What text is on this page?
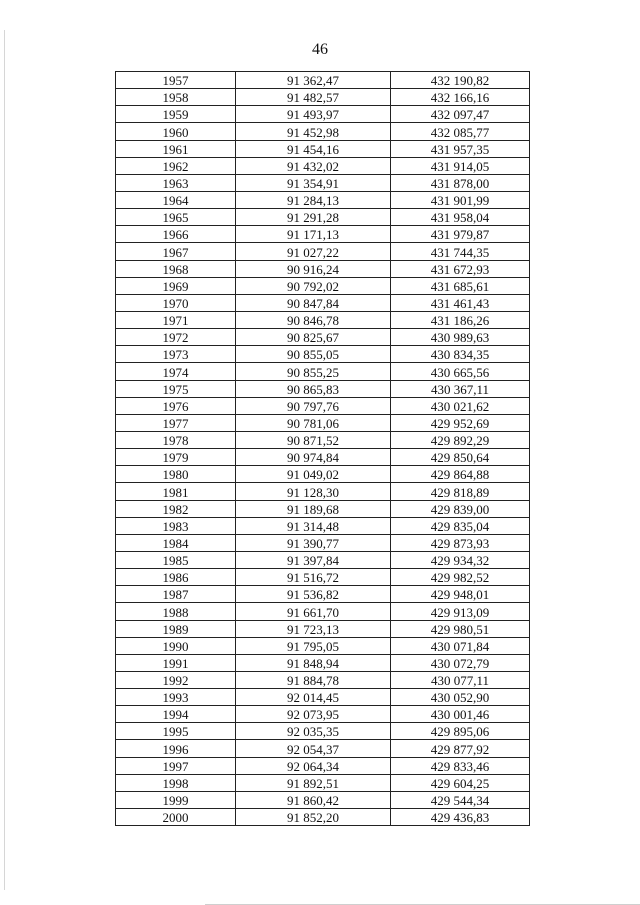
46
1957	91 362,47	432 190,82
1958	91 482,57	432 166,16
1959	91 493,97	432 097,47
1960	91 452,98	432 085,77
1961	91 454,16	431 957,35
1962	91 432,02	431 914,05
1963	91 354,91	431 878,00
1964	91 284,13	431 901,99
1965	91 291,28	431 958,04
1966	91 171,13	431 979,87
1967	91 027,22	431 744,35
1968	90 916,24	431 672,93
1969	90 792,02	431 685,61
1970	90 847,84	431 461,43
1971	90 846,78	431 186,26
1972	90 825,67	430 989,63
1973	90 855,05	430 834,35
1974	90 855,25	430 665,56
1975	90 865,83	430 367,11
1976	90 797,76	430 021,62
1977	90 781,06	429 952,69
1978	90 871,52	429 892,29
1979	90 974,84	429 850,64
1980	91 049,02	429 864,88
1981	91 128,30	429 818,89
1982	91 189,68	429 839,00
1983	91 314,48	429 835,04
1984	91 390,77	429 873,93
1985	91 397,84	429 934,32
1986	91 516,72	429 982,52
1987	91 536,82	429 948,01
1988	91 661,70	429 913,09
1989	91 723,13	429 980,51
1990	91 795,05	430 071,84
1991	91 848,94	430 072,79
1992	91 884,78	430 077,11
1993	92 014,45	430 052,90
1994	92 073,95	430 001,46
1995	92 035,35	429 895,06
1996	92 054,37	429 877,92
1997	92 064,34	429 833,46
1998	91 892,51	429 604,25
1999	91 860,42	429 544,34
2000	91 852,20	429 436,83
